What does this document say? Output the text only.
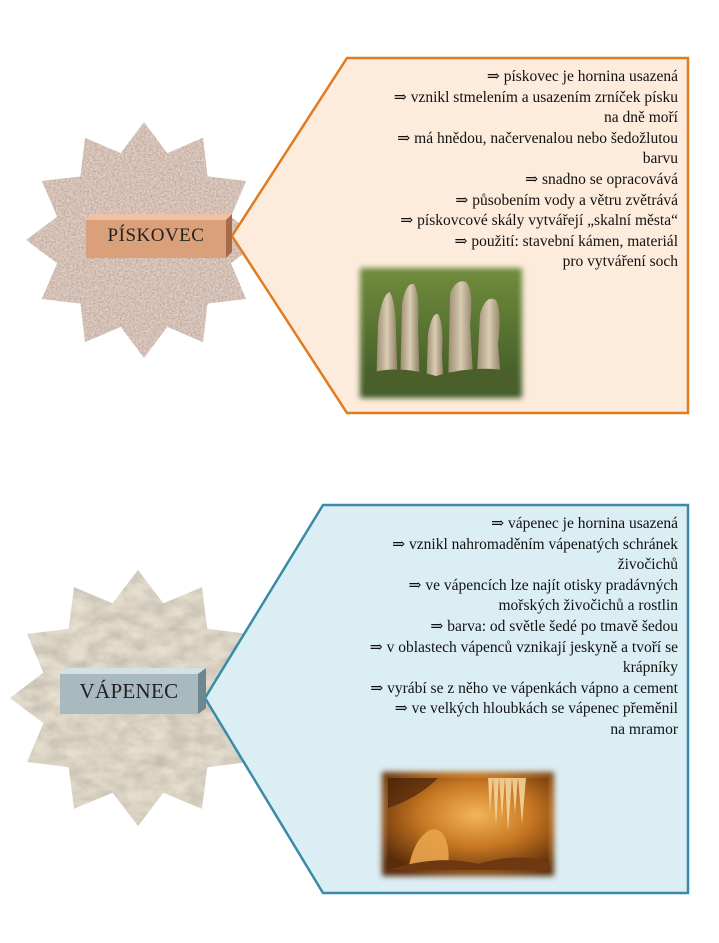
PÍSKOVEC
⇒ pískovec je hornina usazená
⇒ vznikl stmelením a usazením zrníček písku
na dně moří
⇒ má hnědou, načervenalou nebo šedožlutou
barvu
⇒ snadno se opracovává
⇒ působením vody a větru zvětrává
⇒ pískovcové skály vytvářejí „skalní města“
⇒ použití: stavební kámen, materiál
pro vytváření soch
VÁPENEC
⇒ vápenec je hornina usazená
⇒ vznikl nahromaděním vápenatých schránek
živočichů
⇒ ve vápencích lze najít otisky pradávných
mořských živočichů a rostlin
⇒ barva: od světle šedé po tmavě šedou
⇒ v oblastech vápenců vznikají jeskyně a tvoří se
krápníky
⇒ vyrábí se z něho ve vápenkách vápno a cement
⇒ ve velkých hloubkách se vápenec přeměnil
na mramor
